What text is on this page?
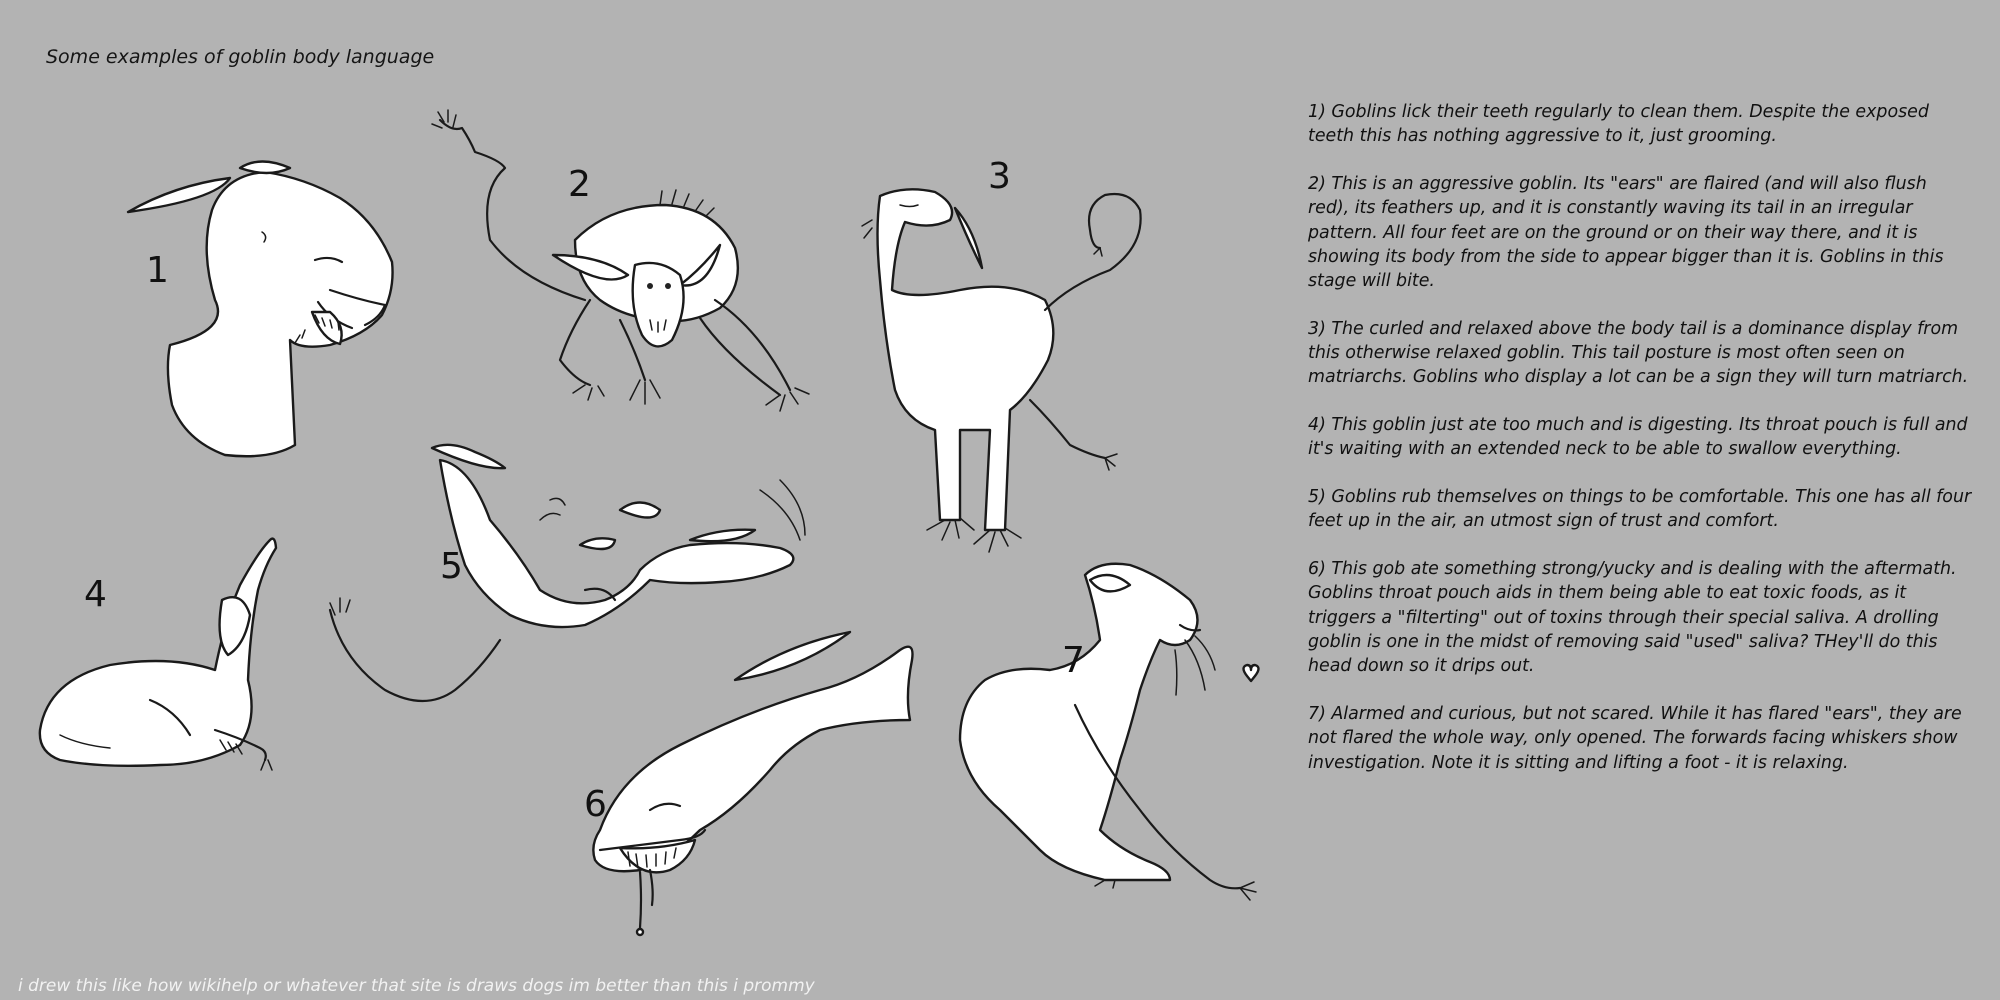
Some examples of goblin body language
1
2	3
4
5
6
7

1) Goblins lick their teeth regularly to clean them. Despite the exposed teeth this has nothing aggressive to it, just grooming.

2) This is an aggressive goblin. Its "ears" are flaired (and will also flush red), its feathers up, and it is constantly waving its tail in an irregular pattern. All four feet are on the ground or on their way there, and it is showing its body from the side to appear bigger than it is. Goblins in this stage will bite.

3) The curled and relaxed above the body tail is a dominance display from this otherwise relaxed goblin. This tail posture is most often seen on matriarchs. Goblins who display a lot can be a sign they will turn matriarch.

4) This goblin just ate too much and is digesting. Its throat pouch is full and it's waiting with an extended neck to be able to swallow everything.

5) Goblins rub themselves on things to be comfortable. This one has all four feet up in the air, an utmost sign of trust and comfort.

6) This gob ate something strong/yucky and is dealing with the aftermath. Goblins throat pouch aids in them being able to eat toxic foods, as it triggers a "filterting" out of toxins through their special saliva. A drolling goblin is one in the midst of removing said "used" saliva? THey'll do this head down so it drips out.

7) Alarmed and curious, but not scared. While it has flared "ears", they are not flared the whole way, only opened. The forwards facing whiskers show investigation. Note it is sitting and lifting a foot - it is relaxing.

i drew this like how wikihelp or whatever that site is draws dogs im better than this i prommy
